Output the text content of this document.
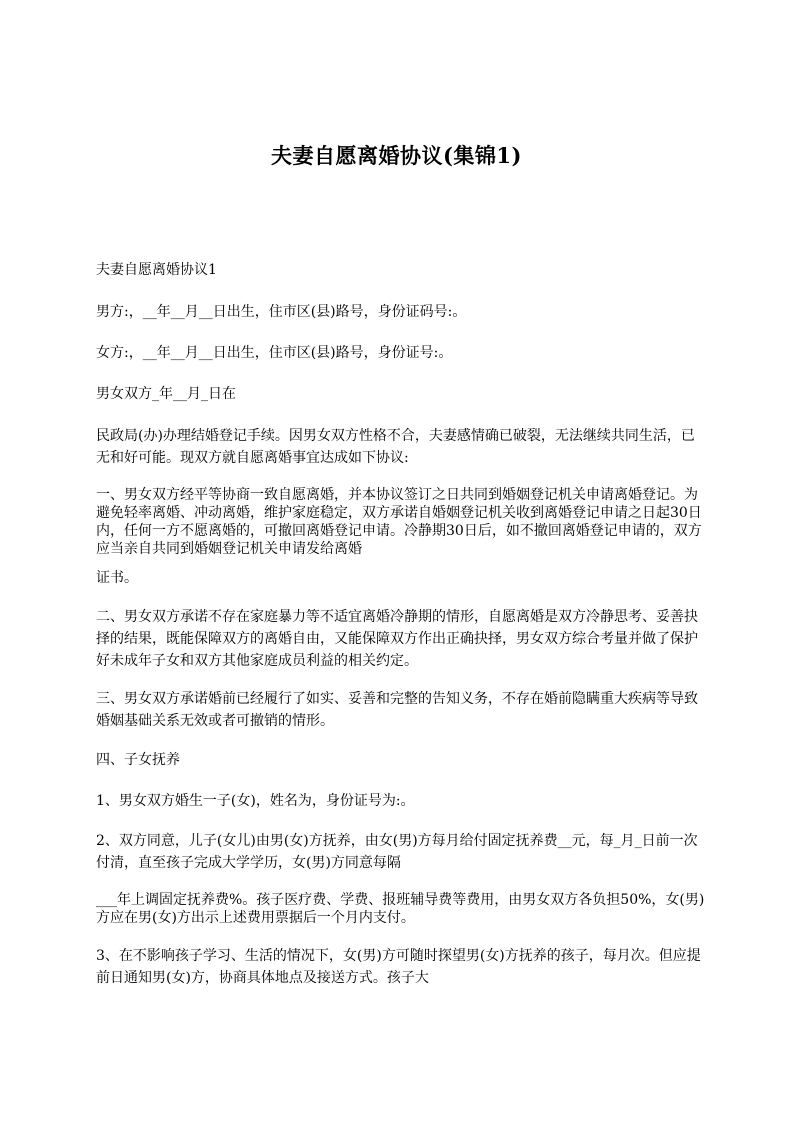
夫妻自愿离婚协议(集锦1)

夫妻自愿离婚协议1

男方:，__年__月__日出生，住市区(县)路号，身份证码号:。

女方:，__年__月__日出生，住市区(县)路号，身份证号:。

男女双方_年__月_日在

民政局(办)办理结婚登记手续。因男女双方性格不合，夫妻感情确已破裂，无法继续共同生活，已无和好可能。现双方就自愿离婚事宜达成如下协议:

一、男女双方经平等协商一致自愿离婚，并本协议签订之日共同到婚姻登记机关申请离婚登记。为避免轻率离婚、冲动离婚，维护家庭稳定，双方承诺自婚姻登记机关收到离婚登记申请之日起30日内，任何一方不愿离婚的，可撤回离婚登记申请。冷静期30日后，如不撤回离婚登记申请的，双方应当亲自共同到婚姻登记机关申请发给离婚

证书。

二、男女双方承诺不存在家庭暴力等不适宜离婚冷静期的情形，自愿离婚是双方冷静思考、妥善抉择的结果，既能保障双方的离婚自由，又能保障双方作出正确抉择，男女双方综合考量并做了保护好未成年子女和双方其他家庭成员利益的相关约定。

三、男女双方承诺婚前已经履行了如实、妥善和完整的告知义务，不存在婚前隐瞒重大疾病等导致婚姻基础关系无效或者可撤销的情形。

四、子女抚养

1、男女双方婚生一子(女)，姓名为，身份证号为:。

2、双方同意，儿子(女儿)由男(女)方抚养，由女(男)方每月给付固定抚养费__元，每_月_日前一次付清，直至孩子完成大学学历，女(男)方同意每隔

___年上调固定抚养费%。孩子医疗费、学费、报班辅导费等费用，由男女双方各负担50%，女(男)方应在男(女)方出示上述费用票据后一个月内支付。

3、在不影响孩子学习、生活的情况下，女(男)方可随时探望男(女)方抚养的孩子，每月次。但应提前日通知男(女)方，协商具体地点及接送方式。孩子大
